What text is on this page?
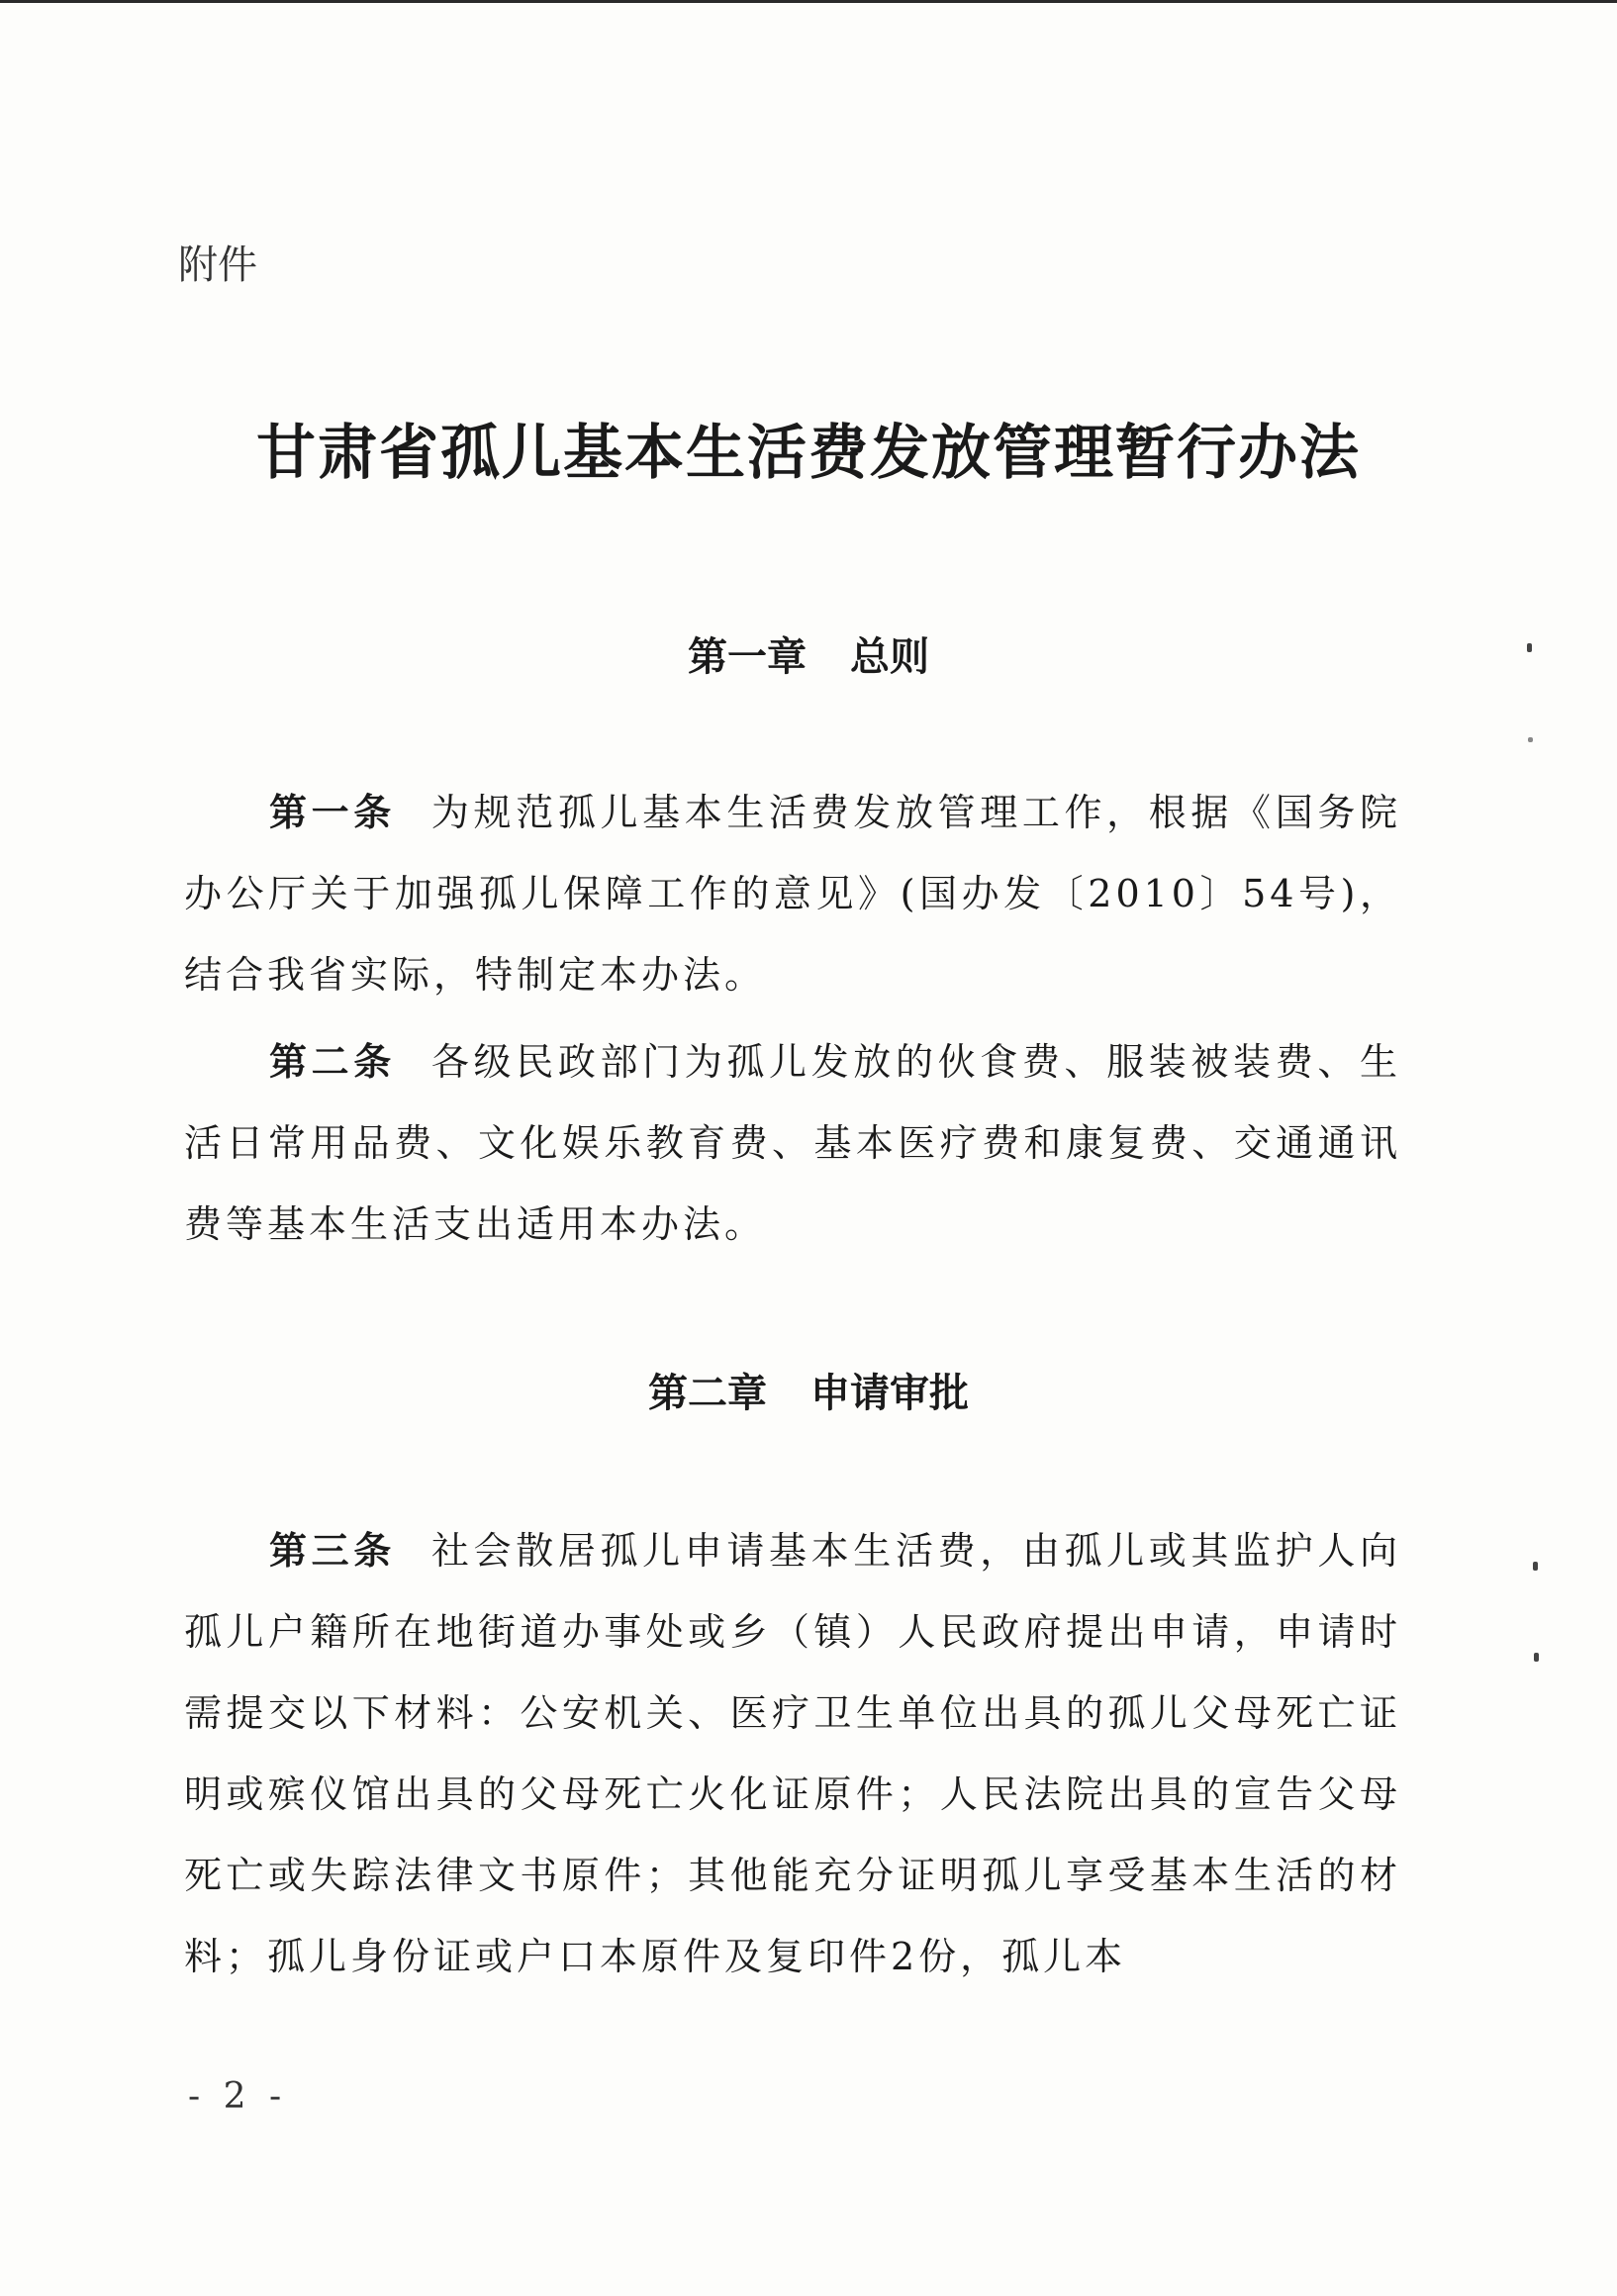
附件
甘肃省孤儿基本生活费发放管理暂行办法
第一章 总则

第一条 为规范孤儿基本生活费发放管理工作，根据《国务院办公厅关于加强孤儿保障工作的意见》(国办发〔2010〕54号)，结合我省实际，特制定本办法。

第二条 各级民政部门为孤儿发放的伙食费、服装被装费、生活日常用品费、文化娱乐教育费、基本医疗费和康复费、交通通讯费等基本生活支出适用本办法。

第二章 申请审批

第三条 社会散居孤儿申请基本生活费，由孤儿或其监护人向孤儿户籍所在地街道办事处或乡（镇）人民政府提出申请，申请时需提交以下材料：公安机关、医疗卫生单位出具的孤儿父母死亡证明或殡仪馆出具的父母死亡火化证原件；人民法院出具的宣告父母死亡或失踪法律文书原件；其他能充分证明孤儿享受基本生活的材料；孤儿身份证或户口本原件及复印件2份，孤儿本

- 2 -
